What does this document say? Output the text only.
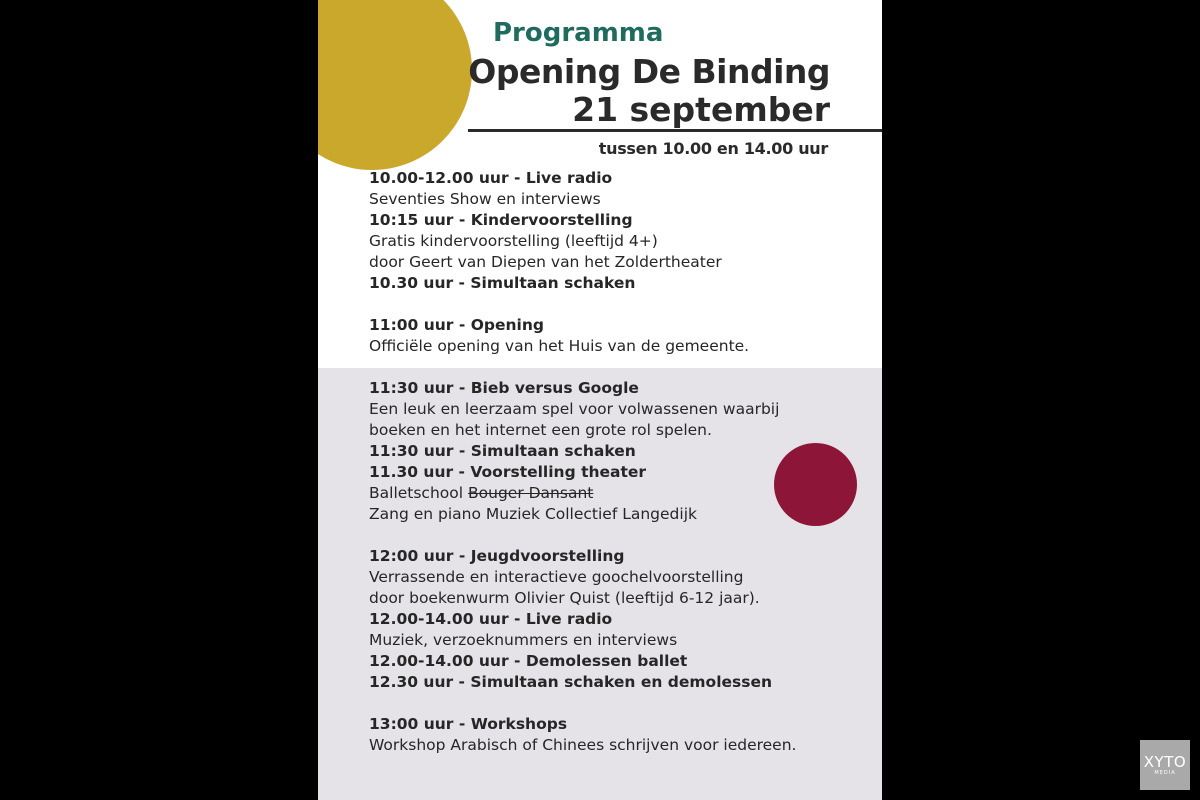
Programma
Opening De Binding
21 september
tussen 10.00 en 14.00 uur
10.00-12.00 uur - Live radio
Seventies Show en interviews
10:15 uur - Kindervoorstelling
Gratis kindervoorstelling (leeftijd 4+)
door Geert van Diepen van het Zoldertheater
10.30 uur - Simultaan schaken
11:00 uur - Opening
Officiële opening van het Huis van de gemeente.
11:30 uur - Bieb versus Google
Een leuk en leerzaam spel voor volwassenen waarbij
boeken en het internet een grote rol spelen.
11:30 uur - Simultaan schaken
11.30 uur - Voorstelling theater
Balletschool Bouger Dansant
Zang en piano Muziek Collectief Langedijk
12:00 uur - Jeugdvoorstelling
Verrassende en interactieve goochelvoorstelling
door boekenwurm Olivier Quist (leeftijd 6-12 jaar).
12.00-14.00 uur - Live radio
Muziek, verzoeknummers en interviews
12.00-14.00 uur - Demolessen ballet
12.30 uur - Simultaan schaken en demolessen
13:00 uur - Workshops
Workshop Arabisch of Chinees schrijven voor iedereen.
XYTO
MEDIA
